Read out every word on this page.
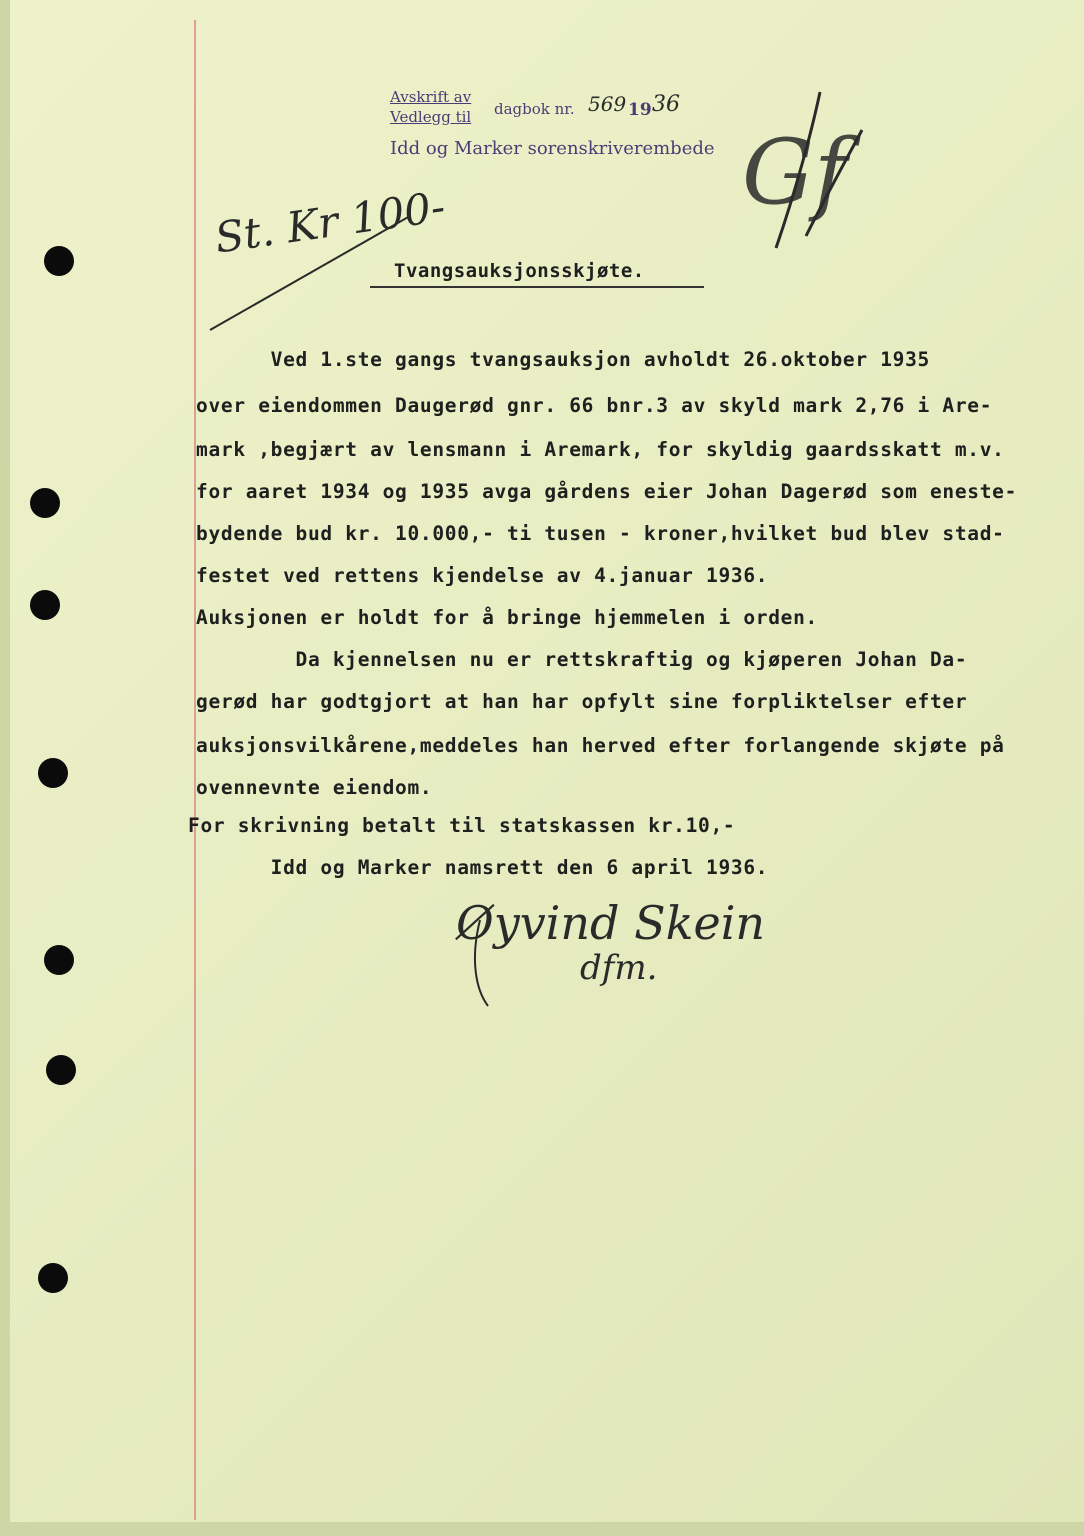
Avskrift av
Vedlegg til dagbok nr. 569 19 36
Idd og Marker sorenskriverembede
St. Kr 100-	Gf
Tvangsauksjonsskjøte.
Ved 1.ste gangs tvangsauksjon avholdt 26.oktober 1935
over eiendommen Daugerød gnr. 66 bnr.3 av skyld mark 2,76 i Are-
mark ,begjært av lensmann i Aremark, for skyldig gaardsskatt m.v.
for aaret 1934 og 1935 avga gårdens eier Johan Dagerød som eneste-
bydende bud kr. 10.000,- ti tusen - kroner,hvilket bud blev stad-
festet ved rettens kjendelse av 4.januar 1936.
Auksjonen er holdt for å bringe hjemmelen i orden.
Da kjennelsen nu er rettskraftig og kjøperen Johan Da-
gerød har godtgjort at han har opfylt sine forpliktelser efter
auksjonsvilkårene,meddeles han herved efter forlangende skjøte på
ovennevnte eiendom.
For skrivning betalt til statskassen kr.10,-
Idd og Marker namsrett den 6 april 1936.
Øyvind Skein
dfm.
